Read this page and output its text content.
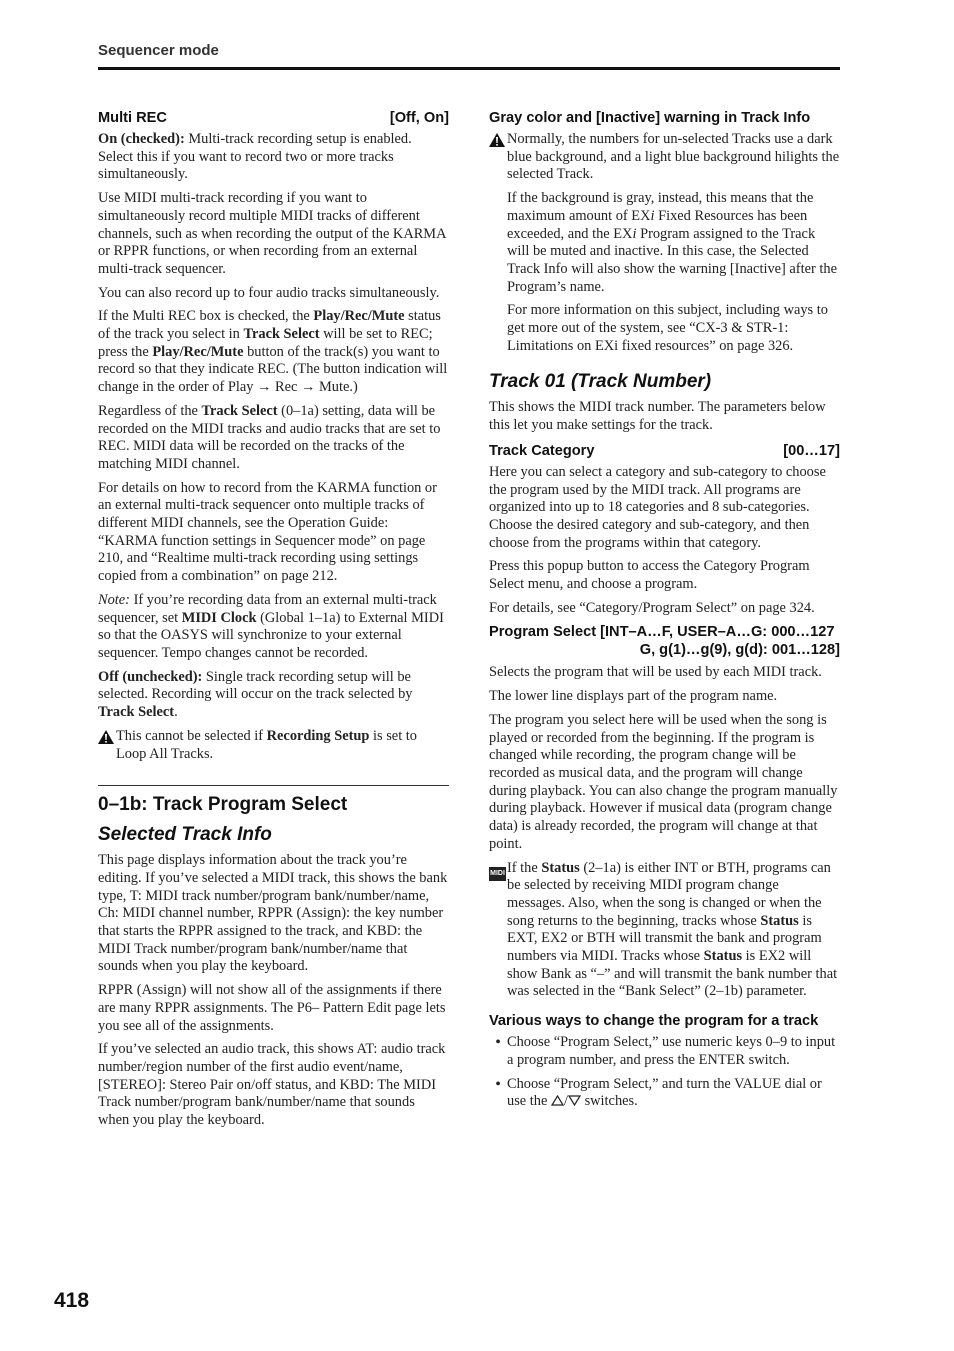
Sequencer mode
Multi REC	[Off, On]

On (checked): Multi-track recording setup is enabled. Select this if you want to record two or more tracks simultaneously.

Use MIDI multi-track recording if you want to simultaneously record multiple MIDI tracks of different channels, such as when recording the output of the KARMA or RPPR functions, or when recording from an external multi-track sequencer.

You can also record up to four audio tracks simultaneously.

If the Multi REC box is checked, the Play/Rec/Mute status of the track you select in Track Select will be set to REC; press the Play/Rec/Mute button of the track(s) you want to record so that they indicate REC. (The button indication will change in the order of Play → Rec → Mute.)

Regardless of the Track Select (0–1a) setting, data will be recorded on the MIDI tracks and audio tracks that are set to REC. MIDI data will be recorded on the tracks of the matching MIDI channel.

For details on how to record from the KARMA function or an external multi-track sequencer onto multiple tracks of different MIDI channels, see the Operation Guide: “KARMA function settings in Sequencer mode” on page 210, and “Realtime multi-track recording using settings copied from a combination” on page 212.

Note: If you’re recording data from an external multi-track sequencer, set MIDI Clock (Global 1–1a) to External MIDI so that the OASYS will synchronize to your external sequencer. Tempo changes cannot be recorded.

Off (unchecked): Single track recording setup will be selected. Recording will occur on the track selected by Track Select.

This cannot be selected if Recording Setup is set to Loop All Tracks.

0–1b: Track Program Select
Selected Track Info

This page displays information about the track you’re editing. If you’ve selected a MIDI track, this shows the bank type, T: MIDI track number/program bank/number/name, Ch: MIDI channel number, RPPR (Assign): the key number that starts the RPPR assigned to the track, and KBD: the MIDI Track number/program bank/number/name that sounds when you play the keyboard.

RPPR (Assign) will not show all of the assignments if there are many RPPR assignments. The P6– Pattern Edit page lets you see all of the assignments.

If you’ve selected an audio track, this shows AT: audio track number/region number of the first audio event/name, [STEREO]: Stereo Pair on/off status, and KBD: The MIDI Track number/program bank/number/name that sounds when you play the keyboard.

Gray color and [Inactive] warning in Track Info

Normally, the numbers for un-selected Tracks use a dark blue background, and a light blue background hilights the selected Track.

If the background is gray, instead, this means that the maximum amount of EXi Fixed Resources has been exceeded, and the EXi Program assigned to the Track will be muted and inactive. In this case, the Selected Track Info will also show the warning [Inactive] after the Program’s name.

For more information on this subject, including ways to get more out of the system, see “CX-3 & STR-1: Limitations on EXi fixed resources” on page 326.

Track 01 (Track Number)

This shows the MIDI track number. The parameters below this let you make settings for the track.

Track Category	[00…17]

Here you can select a category and sub-category to choose the program used by the MIDI track. All programs are organized into up to 18 categories and 8 sub-categories. Choose the desired category and sub-category, and then choose from the programs within that category.

Press this popup button to access the Category Program Select menu, and choose a program.

For details, see “Category/Program Select” on page 324.

Program Select [INT–A…F, USER–A…G: 000…127
G, g(1)…g(9), g(d): 001…128]

Selects the program that will be used by each MIDI track.

The lower line displays part of the program name.

The program you select here will be used when the song is played or recorded from the beginning. If the program is changed while recording, the program change will be recorded as musical data, and the program will change during playback. You can also change the program manually during playback. However if musical data (program change data) is already recorded, the program will change at that point.

MIDI If the Status (2–1a) is either INT or BTH, programs can be selected by receiving MIDI program change messages. Also, when the song is changed or when the song returns to the beginning, tracks whose Status is EXT, EX2 or BTH will transmit the bank and program numbers via MIDI. Tracks whose Status is EX2 will show Bank as “–” and will transmit the bank number that was selected in the “Bank Select” (2–1b) parameter.

Various ways to change the program for a track
• Choose “Program Select,” use numeric keys 0–9 to input a program number, and press the ENTER switch.

• Choose “Program Select,” and turn the VALUE dial or use the / switches.

418
